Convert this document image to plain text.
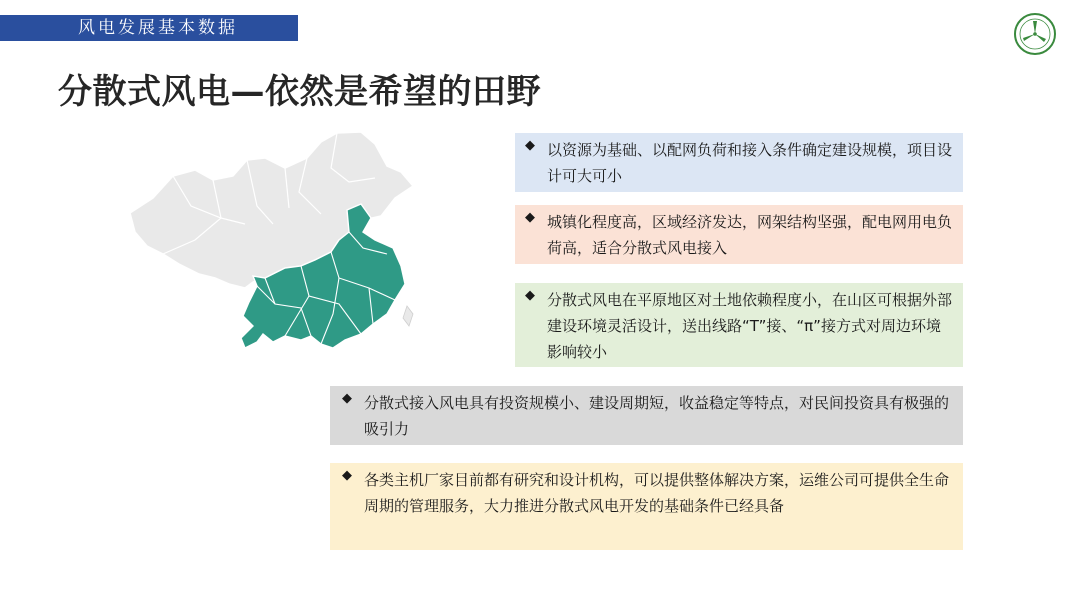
风电发展基本数据
分散式风电—依然是希望的田野
◆ 以资源为基础、以配网负荷和接入条件确定建设规模，项目设计可大可小
◆ 城镇化程度高，区域经济发达，网架结构坚强，配电网用电负荷高，适合分散式风电接入
◆ 分散式风电在平原地区对土地依赖程度小，在山区可根据外部建设环境灵活设计，送出线路“T”接、“π”接方式对周边环境影响较小
◆ 分散式接入风电具有投资规模小、建设周期短，收益稳定等特点，对民间投资具有极强的吸引力
◆ 各类主机厂家目前都有研究和设计机构，可以提供整体解决方案，运维公司可提供全生命周期的管理服务，大力推进分散式风电开发的基础条件已经具备
